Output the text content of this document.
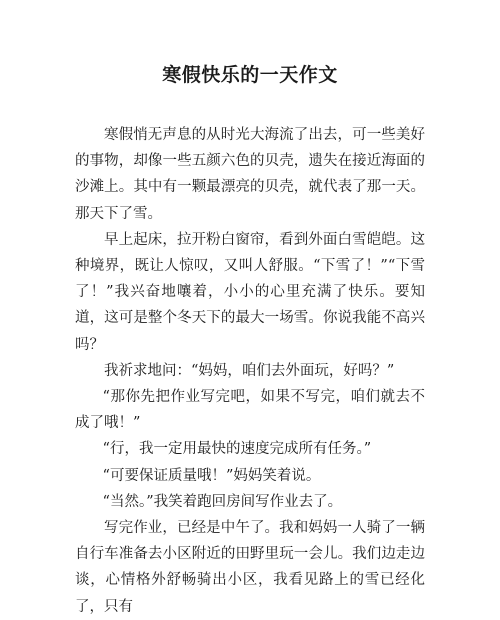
寒假快乐的一天作文

寒假悄无声息的从时光大海流了出去，可一些美好的事物，却像一些五颜六色的贝壳，遗失在接近海面的沙滩上。其中有一颗最漂亮的贝壳，就代表了那一天。那天下了雪。

早上起床，拉开粉白窗帘，看到外面白雪皑皑。这种境界，既让人惊叹，又叫人舒服。“下雪了！”“下雪了！”我兴奋地嚷着，小小的心里充满了快乐。要知道，这可是整个冬天下的最大一场雪。你说我能不高兴吗？

我祈求地问：“妈妈，咱们去外面玩，好吗？”

“那你先把作业写完吧，如果不写完，咱们就去不成了哦！”

“行，我一定用最快的速度完成所有任务。”

“可要保证质量哦！”妈妈笑着说。

“当然。”我笑着跑回房间写作业去了。

写完作业，已经是中午了。我和妈妈一人骑了一辆自行车准备去小区附近的田野里玩一会儿。我们边走边谈，心情格外舒畅骑出小区，我看见路上的雪已经化了，只有
